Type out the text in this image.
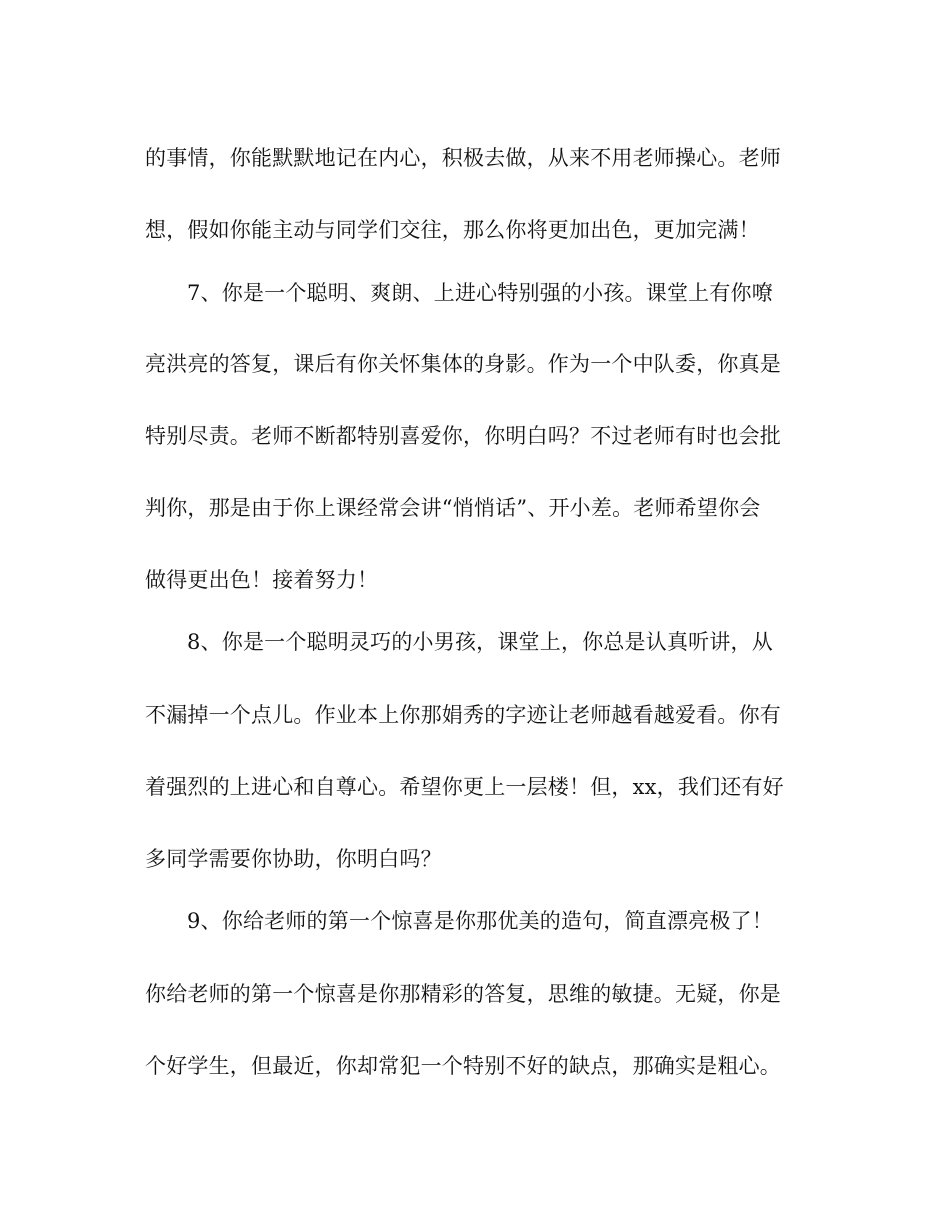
的事情，你能默默地记在内心，积极去做，从来不用老师操心。老师
想，假如你能主动与同学们交往，那么你将更加出色，更加完满！
7、你是一个聪明、爽朗、上进心特别强的小孩。课堂上有你嘹
亮洪亮的答复，课后有你关怀集体的身影。作为一个中队委，你真是
特别尽责。老师不断都特别喜爱你，你明白吗？不过老师有时也会批
判你，那是由于你上课经常会讲“悄悄话”、开小差。老师希望你会
做得更出色！接着努力！
8、你是一个聪明灵巧的小男孩，课堂上，你总是认真听讲，从
不漏掉一个点儿。作业本上你那娟秀的字迹让老师越看越爱看。你有
着强烈的上进心和自尊心。希望你更上一层楼！但，xx，我们还有好
多同学需要你协助，你明白吗？
9、你给老师的第一个惊喜是你那优美的造句，简直漂亮极了！
你给老师的第一个惊喜是你那精彩的答复，思维的敏捷。无疑，你是
个好学生，但最近，你却常犯一个特别不好的缺点，那确实是粗心。
